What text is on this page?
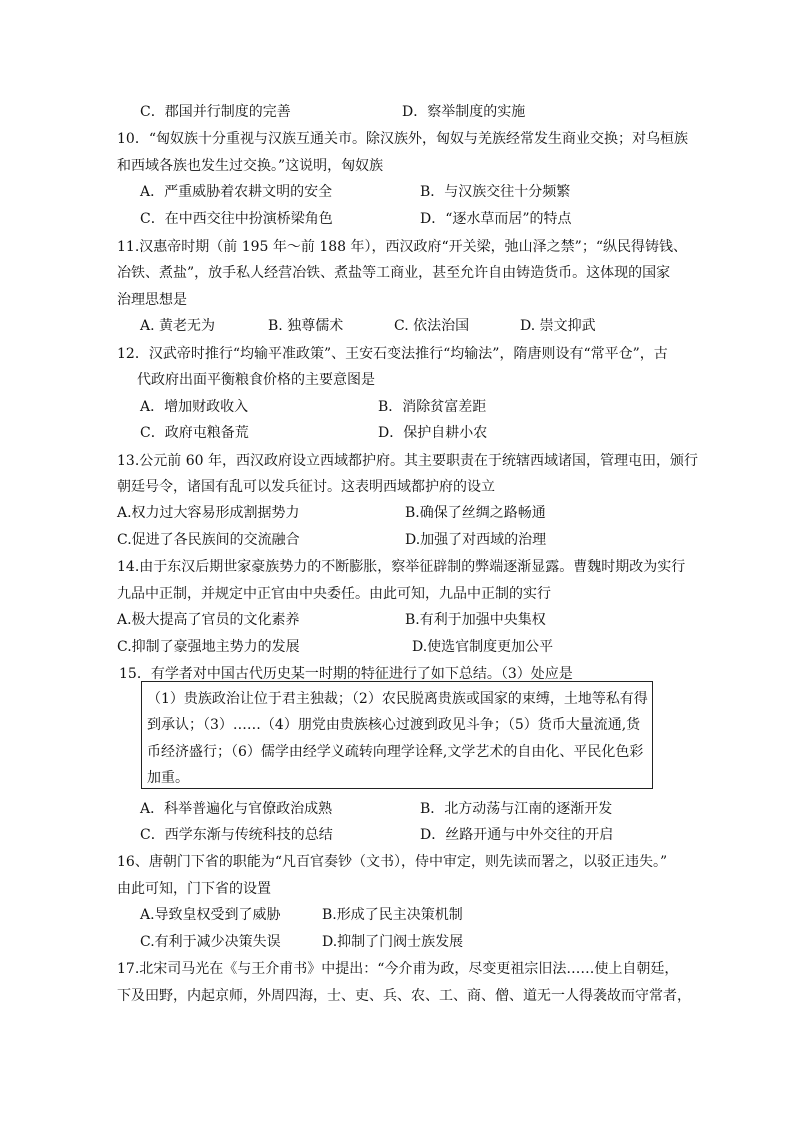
C．郡国并行制度的完善	D．察举制度的实施
10．“匈奴族十分重视与汉族互通关市。除汉族外，匈奴与羌族经常发生商业交换；对乌桓族
和西域各族也发生过交换。”这说明，匈奴族
A．严重威胁着农耕文明的安全	B．与汉族交往十分频繁
C．在中西交往中扮演桥梁角色	D．“逐水草而居”的特点
11.汉惠帝时期（前 195 年～前 188 年），西汉政府“开关梁，弛山泽之禁”；“纵民得铸钱、
冶铁、煮盐”，放手私人经营冶铁、煮盐等工商业，甚至允许自由铸造货币。这体现的国家
治理思想是
A. 黄老无为	B. 独尊儒术	C. 依法治国	D. 崇文抑武
12．汉武帝时推行“均输平准政策”、王安石变法推行“均输法”，隋唐则设有“常平仓”，古
代政府出面平衡粮食价格的主要意图是
A．增加财政收入	B．消除贫富差距
C．政府屯粮备荒	D．保护自耕小农
13.公元前 60 年，西汉政府设立西域都护府。其主要职责在于统辖西域诸国，管理屯田，颁行
朝廷号令，诸国有乱可以发兵征讨。这表明西域都护府的设立
A.权力过大容易形成割据势力	B.确保了丝绸之路畅通
C.促进了各民族间的交流融合	D.加强了对西域的治理
14.由于东汉后期世家豪族势力的不断膨胀，察举征辟制的弊端逐渐显露。曹魏时期改为实行
九品中正制，并规定中正官由中央委任。由此可知，九品中正制的实行
A.极大提高了官员的文化素养	B.有利于加强中央集权
C.抑制了豪强地主势力的发展	D.使选官制度更加公平
15．有学者对中国古代历史某一时期的特征进行了如下总结。（3）处应是
A．科举普遍化与官僚政治成熟	B．北方动荡与江南的逐渐开发
C．西学东渐与传统科技的总结	D．丝路开通与中外交往的开启
16、唐朝门下省的职能为“凡百官奏钞（文书），侍中审定，则先读而署之，以驳正违失。”
由此可知，门下省的设置
A.导致皇权受到了威胁	B.形成了民主决策机制
C.有利于减少决策失误	D.抑制了门阀士族发展
17.北宋司马光在《与王介甫书》中提出：“今介甫为政，尽变更祖宗旧法……使上自朝廷，
下及田野，内起京师，外周四海，士、吏、兵、农、工、商、僧、道无一人得袭故而守常者，
（1）贵族政治让位于君主独裁；（2）农民脱离贵族或国家的束缚，土地等私有得
到承认；（3）……（4）朋党由贵族核心过渡到政见斗争；（5）货币大量流通,货
币经济盛行；（6）儒学由经学义疏转向理学诠释,文学艺术的自由化、平民化色彩
加重。
